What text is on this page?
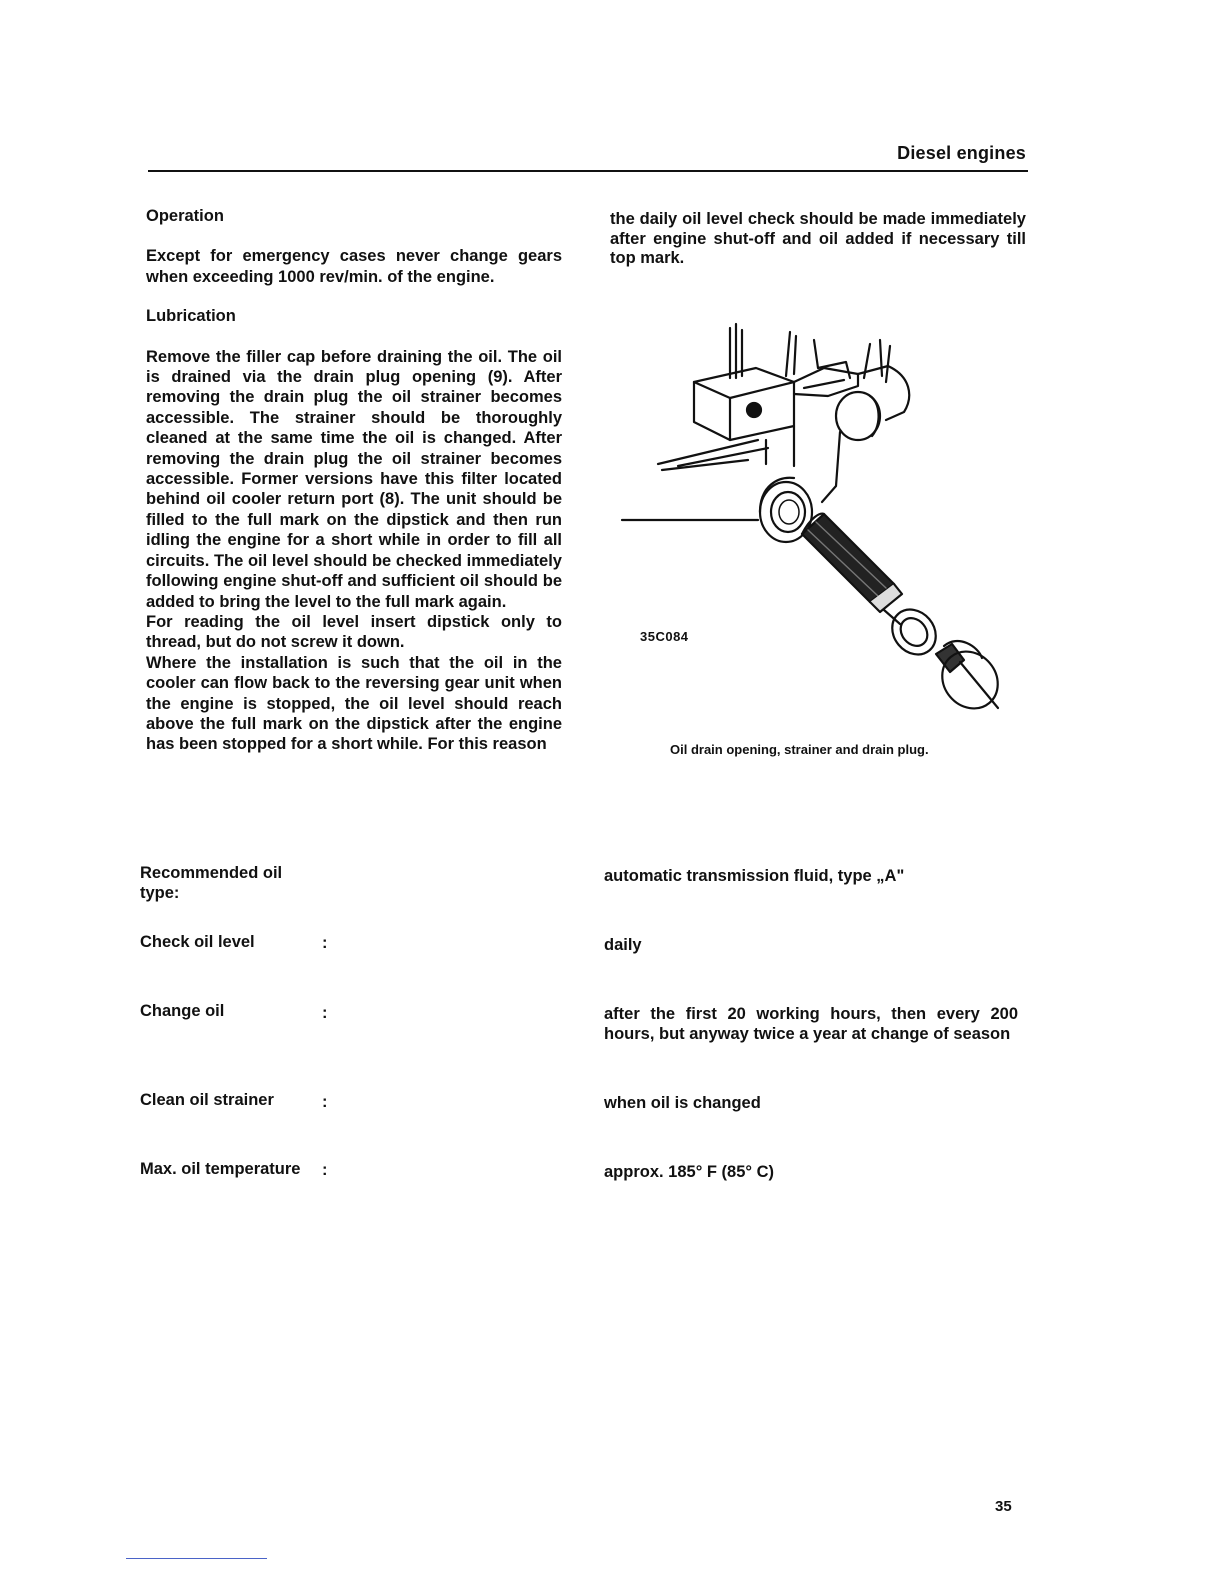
Diesel engines

Operation

Except for emergency cases never change gears when exceeding 1000 rev/min. of the engine.

Lubrication

Remove the filler cap before draining the oil. The oil is drained via the drain plug opening (9). After removing the drain plug the oil strainer becomes accessible. The strainer should be thoroughly cleaned at the same time the oil is changed. After removing the drain plug the oil strainer becomes accessible. Former versions have this filter located behind oil cooler return port (8). The unit should be filled to the full mark on the dipstick and then run idling the engine for a short while in order to fill all circuits. The oil level should be checked immediately following engine shut-off and sufficient oil should be added to bring the level to the full mark again.

For reading the oil level insert dipstick only to thread, but do not screw it down.

Where the installation is such that the oil in the cooler can flow back to the reversing gear unit when the engine is stopped, the oil level should reach above the full mark on the dipstick after the engine has been stopped for a short while. For this reason

the daily oil level check should be made immediately after engine shut-off and oil added if necessary till top mark.
35C084
Oil drain opening, strainer and drain plug.
Recommended oil type:
automatic transmission fluid, type „A"
Check oil level	:	daily
Change oil	:	after the first 20 working hours, then every 200 hours, but anyway twice a year at change of season
Clean oil strainer	:	when oil is changed
Max. oil temperature	:	approx. 185° F (85° C)
35
